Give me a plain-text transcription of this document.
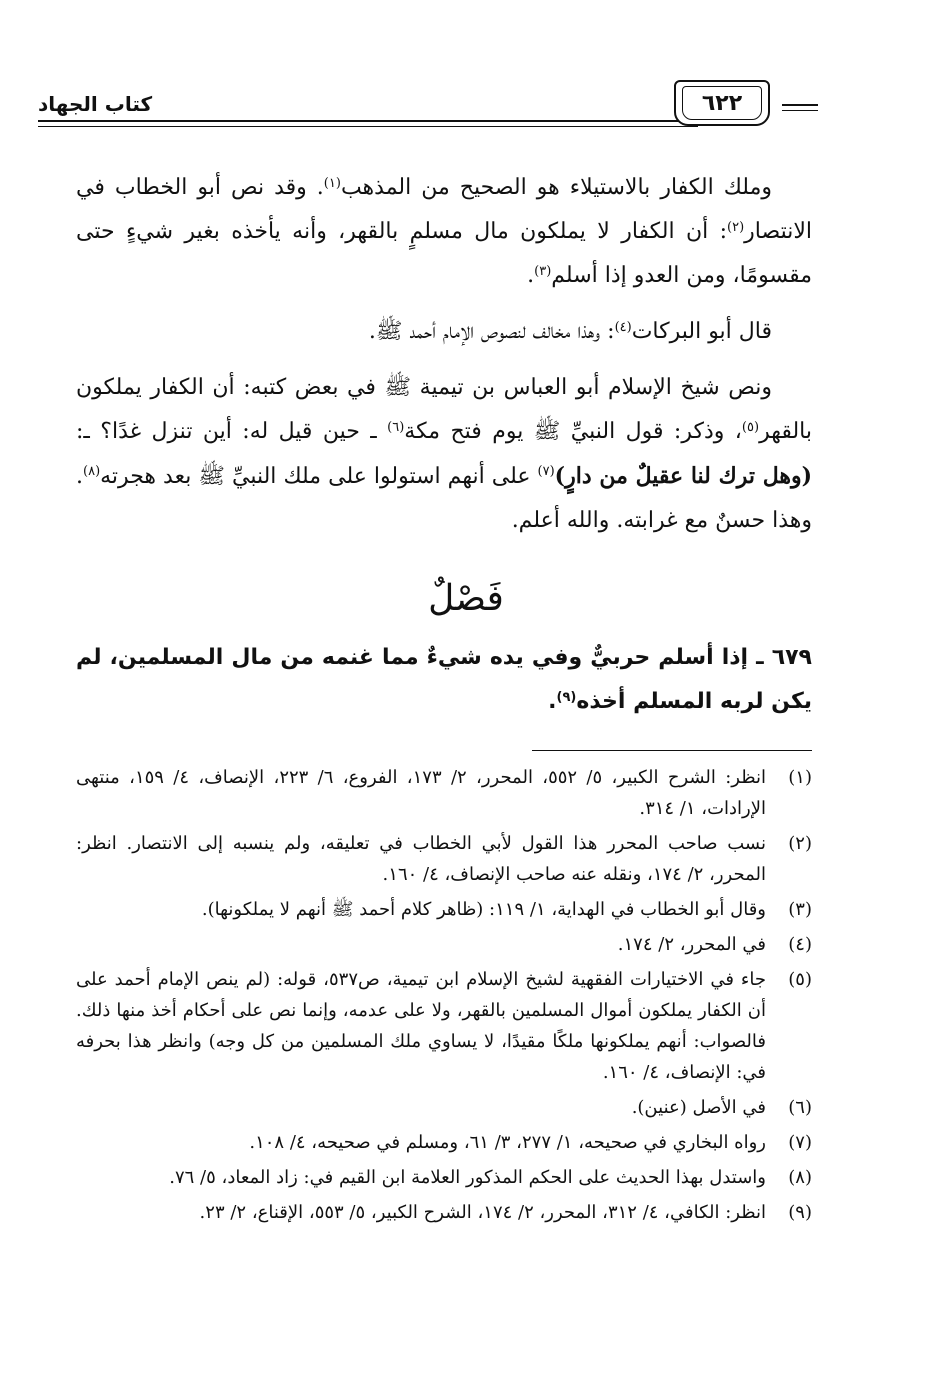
كتاب الجهاد	٦٢٢

وملك الكفار بالاستيلاء هو الصحيح من المذهب$^{(١)}$. وقد نص أبو الخطاب في الانتصار$^{(٢)}$: أن الكفار لا يملكون مال مسلمٍ بالقهر، وأنه يأخذه بغير شيءٍ حتى مقسومًا، ومن العدو إذا أسلم$^{(٣)}$.

قال أبو البركات$^{(٤)}$: وهذا مخالف لنصوص الإمام أحمد ﷺ.

ونص شيخ الإسلام أبو العباس بن تيمية ﷺ في بعض كتبه: أن الكفار يملكون بالقهر$^{(٥)}$، وذكر: قول النبيِّ ﷺ يوم فتح مكة$^{(٦)}$ ـ حين قيل له: أين تنزل غدًا؟ ـ: (وهل ترك لنا عقيلٌ من دارٍ)$^{(٧)}$ على أنهم استولوا على ملك النبيِّ ﷺ بعد هجرته$^{(٨)}$. وهذا حسنٌ مع غرابته. والله أعلم.

فَصْلٌ
٦٧٩ ـ إذا أسلم حربيٌّ وفي يده شيءٌ مما غنمه من مال المسلمين، لم يكن لربه المسلم أخذه$^{(٩)}$.
(١)
انظر: الشرح الكبير، ٥/ ٥٥٢، المحرر، ٢/ ١٧٣، الفروع، ٦/ ٢٢٣، الإنصاف، ٤/ ١٥٩، منتهى الإرادات، ١/ ٣١٤.
(٢)
نسب صاحب المحرر هذا القول لأبي الخطاب في تعليقه، ولم ينسبه إلى الانتصار. انظر: المحرر، ٢/ ١٧٤، ونقله عنه صاحب الإنصاف، ٤/ ١٦٠.
(٣)
وقال أبو الخطاب في الهداية، ١/ ١١٩: (ظاهر كلام أحمد ﷺ أنهم لا يملكونها).
(٤)
في المحرر، ٢/ ١٧٤.
(٥)
جاء في الاختيارات الفقهية لشيخ الإسلام ابن تيمية، ص٥٣٧، قوله: (لم ينص الإمام أحمد على أن الكفار يملكون أموال المسلمين بالقهر، ولا على عدمه، وإنما نص على أحكام أخذ منها ذلك. فالصواب: أنهم يملكونها ملكًا مقيدًا، لا يساوي ملك المسلمين من كل وجه) وانظر هذا بحرفه في: الإنصاف، ٤/ ١٦٠.
(٦)
في الأصل (عنين).
(٧)
رواه البخاري في صحيحه، ١/ ٢٧٧، ٣/ ٦١، ومسلم في صحيحه، ٤/ ١٠٨.
(٨)
واستدل بهذا الحديث على الحكم المذكور العلامة ابن القيم في: زاد المعاد، ٥/ ٧٦.
(٩)
انظر: الكافي، ٤/ ٣١٢، المحرر، ٢/ ١٧٤، الشرح الكبير، ٥/ ٥٥٣، الإقناع، ٢/ ٢٣.
